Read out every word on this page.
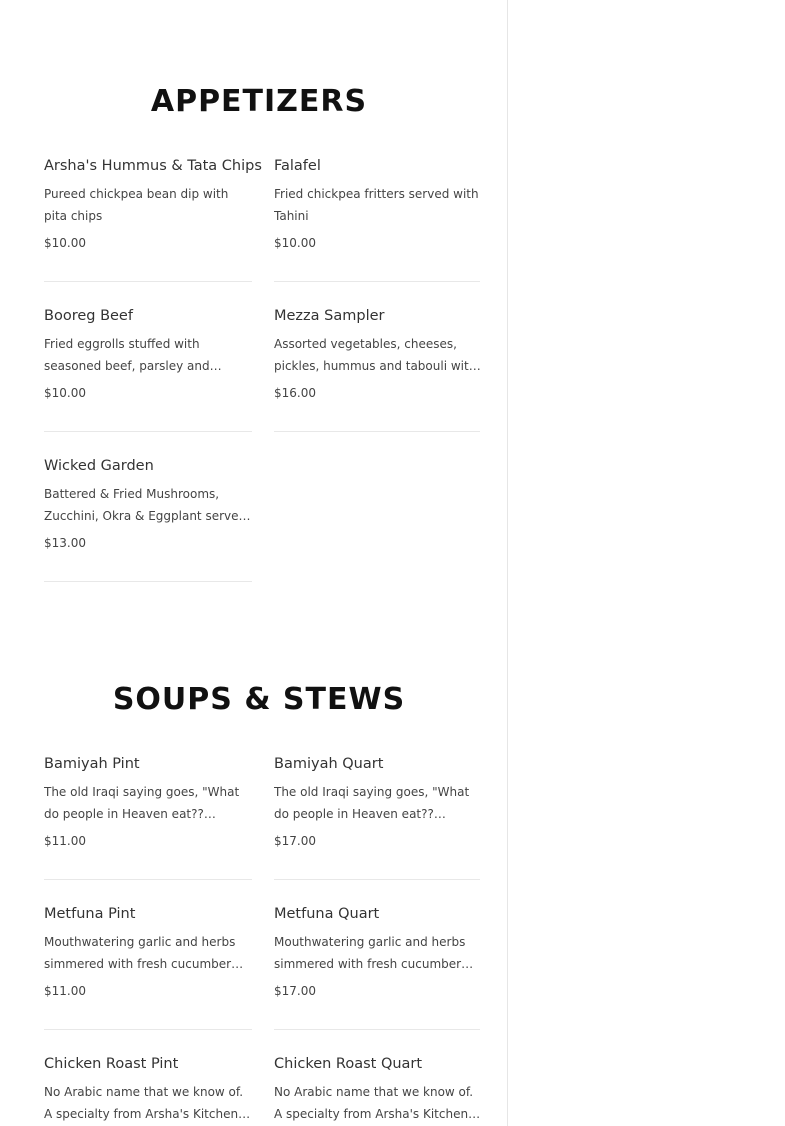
APPETIZERS
Arsha's Hummus & Tata Chips
Pureed chickpea bean dip with pita chips
$10.00
Falafel
Fried chickpea fritters served with Tahini
$10.00
Booreg Beef
Fried eggrolls stuffed with seasoned beef, parsley and
$10.00
Mezza Sampler
Assorted vegetables, cheeses, pickles, hummus and tabouli with
$16.00
Wicked Garden
Battered & Fried Mushrooms, Zucchini, Okra & Eggplant served
$13.00
SOUPS & STEWS
Bamiyah Pint
The old Iraqi saying goes, "What do people in Heaven eat??
$11.00
Bamiyah Quart
The old Iraqi saying goes, "What do people in Heaven eat??
$17.00
Metfuna Pint
Mouthwatering garlic and herbs simmered with fresh cucumber
$11.00
Metfuna Quart
Mouthwatering garlic and herbs simmered with fresh cucumber
$17.00
Chicken Roast Pint
No Arabic name that we know of. A specialty from Arsha's Kitchen.
Chicken Roast Quart
No Arabic name that we know of. A specialty from Arsha's Kitchen.
